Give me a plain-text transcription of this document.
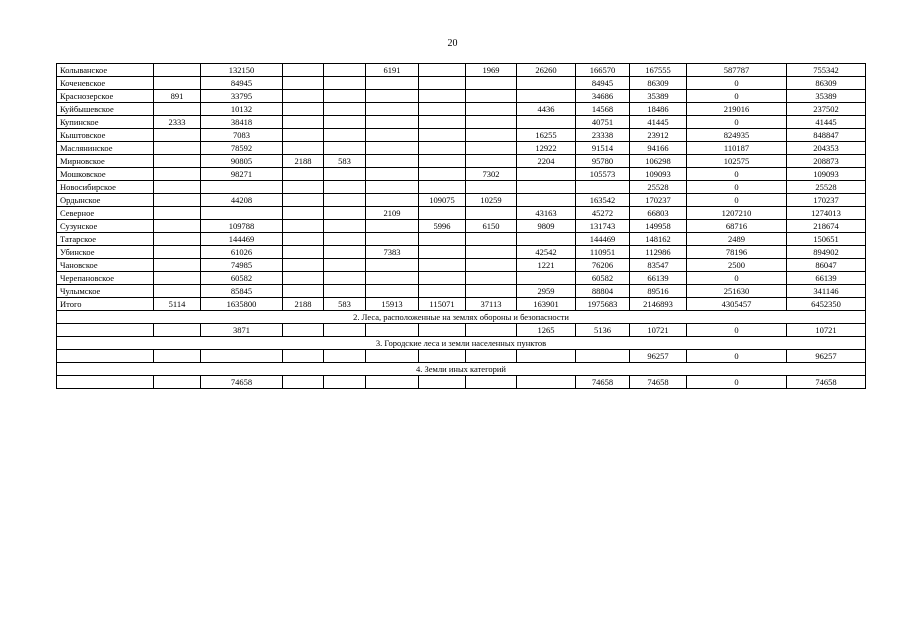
20
Колыванское		132150			6191		1969	26260	166570	167555	587787	755342
Коченевское		84945							84945	86309	0	86309
Краснозерское	891	33795							34686	35389	0	35389
Куйбышевское		10132						4436	14568	18486	219016	237502
Купинское	2333	38418							40751	41445	0	41445
Кыштовское		7083						16255	23338	23912	824935	848847
Маслянинское		78592						12922	91514	94166	110187	204353
Мирновское		90805	2188	583				2204	95780	106298	102575	208873
Мошковское		98271					7302		105573	109093	0	109093
Новосибирское										25528	0	25528
Ордынское		44208				109075	10259		163542	170237	0	170237
Северное					2109			43163	45272	66803	1207210	1274013
Сузунское		109788				5996	6150	9809	131743	149958	68716	218674
Татарское		144469							144469	148162	2489	150651
Убинское		61026			7383			42542	110951	112986	78196	894902
Чановское		74985						1221	76206	83547	2500	86047
Черепановское		60582							60582	66139	0	66139
Чулымское		85845						2959	88804	89516	251630	341146
Итого	5114	1635800	2188	583	15913	115071	37113	163901	1975683	2146893	4305457	6452350
2. Леса, расположенные на землях обороны и безопасности												
		3871						1265	5136	10721	0	10721
3. Городские леса и земли населенных пунктов												
										96257	0	96257
4. Земли иных категорий												
		74658							74658	74658	0	74658
